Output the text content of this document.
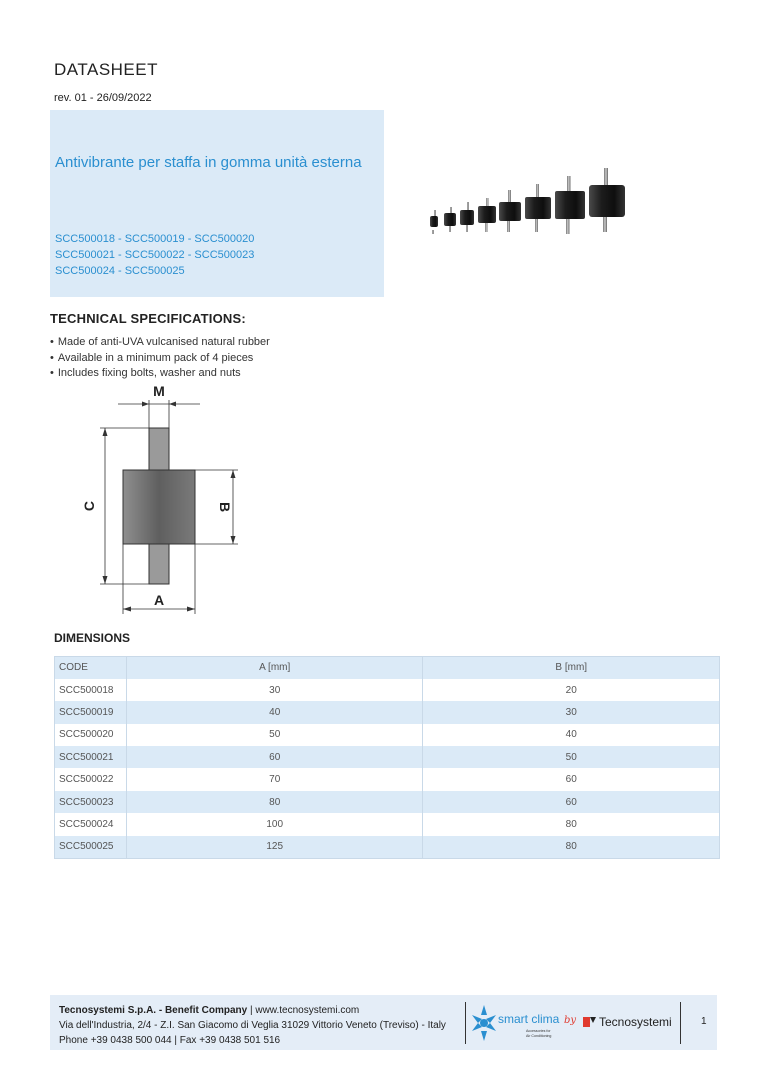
DATASHEET
rev. 01 - 26/09/2022
Antivibrante per staffa in gomma unità esterna
SCC500018 - SCC500019 - SCC500020
SCC500021 - SCC500022 - SCC500023
SCC500024 - SCC500025
TECHNICAL SPECIFICATIONS:
• Made of anti-UVA vulcanised natural rubber
• Available in a minimum pack of 4 pieces
• Includes fixing bolts, washer and nuts
M
C	B
A
DIMENSIONS
CODE	A [mm]	B [mm]
SCC500018	30	20
SCC500019	40	30
SCC500020	50	40
SCC500021	60	50
SCC500022	70	60
SCC500023	80	60
SCC500024	100	80
SCC500025	125	80
Tecnosystemi S.p.A. - Benefit Company | www.tecnosystemi.com
Via dell'Industria, 2/4 - Z.I. San Giacomo di Veglia 31029 Vittorio Veneto (Treviso) - Italy
Phone +39 0438 500 044 | Fax +39 0438 501 516
smart clima
Accessories for
Air Conditioning
by Tecnosystemi	1
